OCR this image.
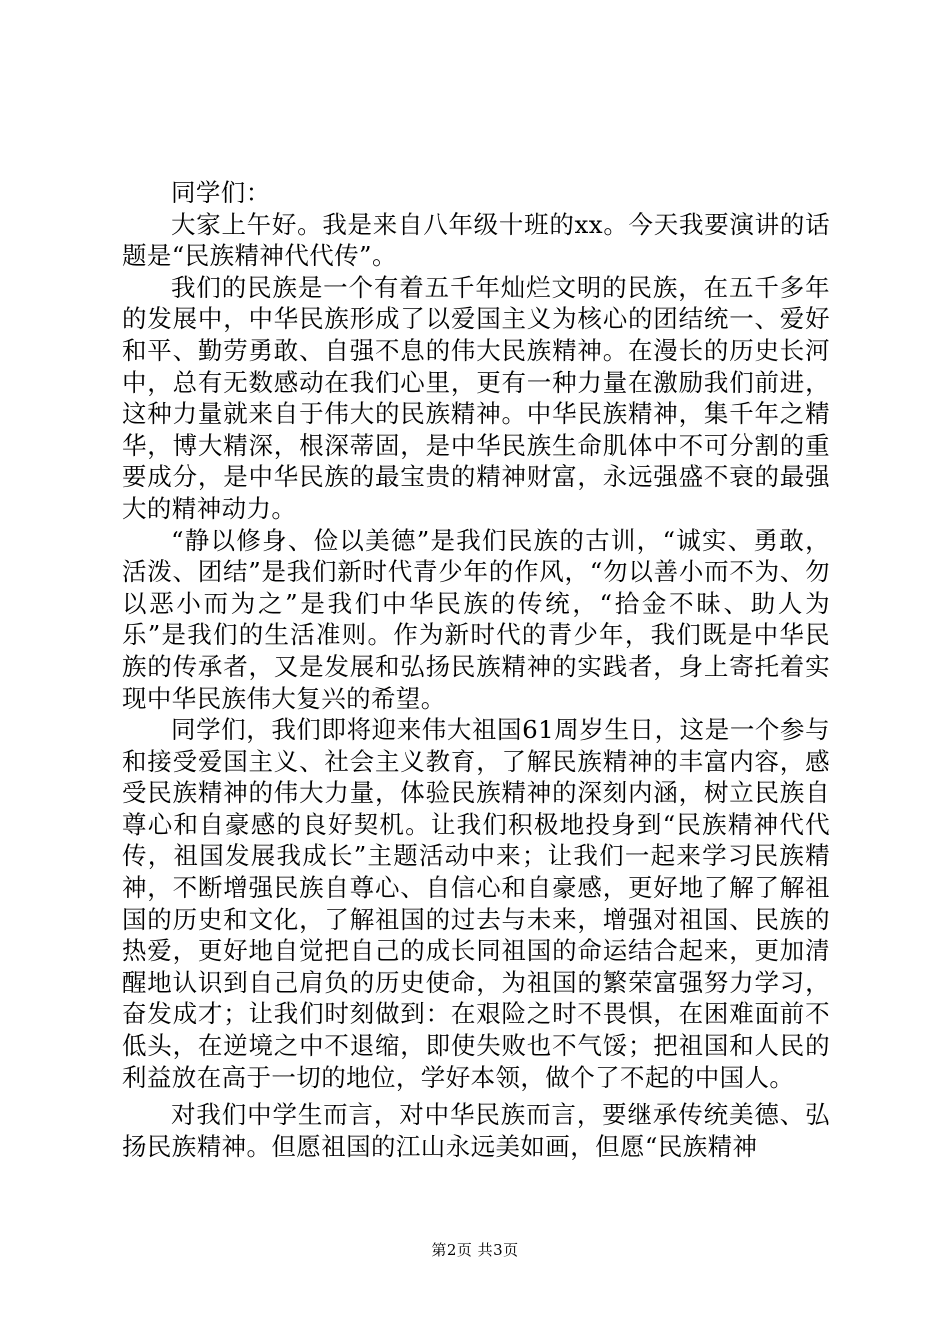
同学们：

大家上午好。我是来自八年级十班的xx。今天我要演讲的话题是“民族精神代代传”。

我们的民族是一个有着五千年灿烂文明的民族，在五千多年的发展中，中华民族形成了以爱国主义为核心的团结统一、爱好和平、勤劳勇敢、自强不息的伟大民族精神。在漫长的历史长河中，总有无数感动在我们心里，更有一种力量在激励我们前进，这种力量就来自于伟大的民族精神。中华民族精神，集千年之精华，博大精深，根深蒂固，是中华民族生命肌体中不可分割的重要成分，是中华民族的最宝贵的精神财富，永远强盛不衰的最强大的精神动力。

“静以修身、俭以美德”是我们民族的古训，“诚实、勇敢，活泼、团结”是我们新时代青少年的作风，“勿以善小而不为、勿以恶小而为之”是我们中华民族的传统，“拾金不昧、助人为乐”是我们的生活准则。作为新时代的青少年，我们既是中华民族的传承者，又是发展和弘扬民族精神的实践者，身上寄托着实现中华民族伟大复兴的希望。

同学们，我们即将迎来伟大祖国61周岁生日，这是一个参与和接受爱国主义、社会主义教育，了解民族精神的丰富内容，感受民族精神的伟大力量，体验民族精神的深刻内涵，树立民族自尊心和自豪感的良好契机。让我们积极地投身到“民族精神代代传，祖国发展我成长”主题活动中来；让我们一起来学习民族精神，不断增强民族自尊心、自信心和自豪感，更好地了解了解祖国的历史和文化，了解祖国的过去与未来，增强对祖国、民族的热爱，更好地自觉把自己的成长同祖国的命运结合起来，更加清醒地认识到自己肩负的历史使命，为祖国的繁荣富强努力学习，奋发成才；让我们时刻做到：在艰险之时不畏惧，在困难面前不低头，在逆境之中不退缩，即使失败也不气馁；把祖国和人民的利益放在高于一切的地位，学好本领，做个了不起的中国人。

对我们中学生而言，对中华民族而言，要继承传统美德、弘扬民族精神。但愿祖国的江山永远美如画，但愿“民族精神

第2页 共3页
